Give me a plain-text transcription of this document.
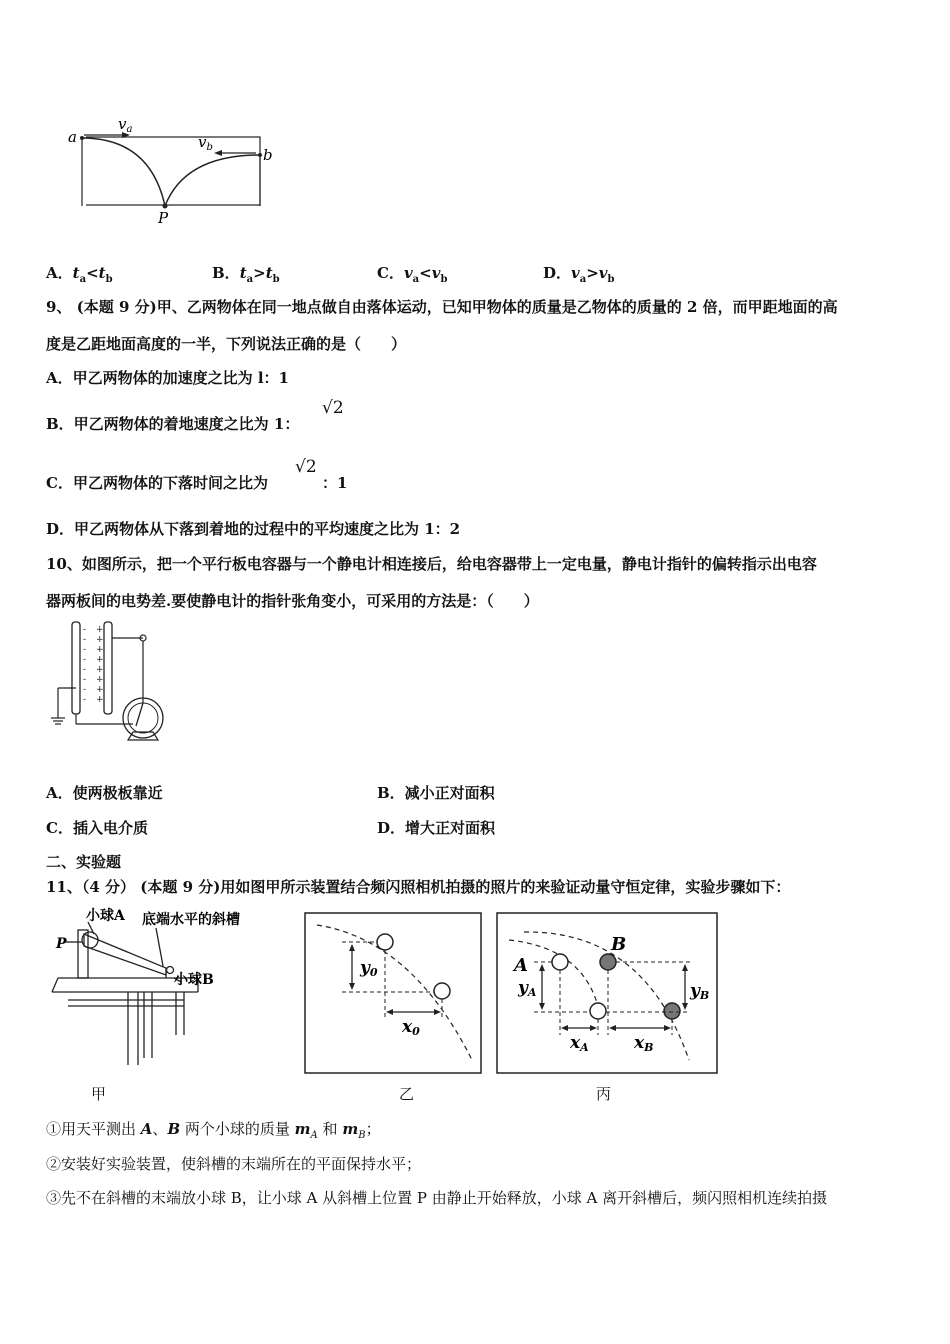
a
b
P
$v_a$
$v_b$
A．$t_a<t_b$	B．$t_a>t_b$	C．$v_a<v_b$	D．$v_a>v_b$
9、 (本题 9 分)甲、乙两物体在同一地点做自由落体运动，已知甲物体的质量是乙物体的质量的 2 倍，而甲距地面的高
度是乙距地面高度的一半，下列说法正确的是（　　）
A．甲乙两物体的加速度之比为 l：1
B．甲乙两物体的着地速度之比为 1：
√2
C．甲乙两物体的下落时间之比为
√2
：1
D．甲乙两物体从下落到着地的过程中的平均速度之比为 1：2
10、如图所示，把一个平行板电容器与一个静电计相连接后，给电容器带上一定电量，静电计指针的偏转指示出电容
器两板间的电势差.要使静电计的指针张角变小，可采用的方法是：（　　）
-
-
-
-
-
-
-
-
+
+
+
+
+
+
+
+
A．使两极板靠近	B．减小正对面积
C．插入电介质	D．增大正对面积
二、实验题
11、（4 分） (本题 9 分)用如图甲所示装置结合频闪照相机拍摄的照片的来验证动量守恒定律，实验步骤如下：
小球A 底端水平的斜槽
小球B
P
甲
y0
x0
乙
A
B
yA	yB
xA	xB
丙
①用天平测出 A、B 两个小球的质量 $m_A$ 和 $m_B$；
②安装好实验装置，使斜槽的末端所在的平面保持水平；
③先不在斜槽的末端放小球 B，让小球 A 从斜槽上位置 P 由静止开始释放，小球 A 离开斜槽后，频闪照相机连续拍摄
